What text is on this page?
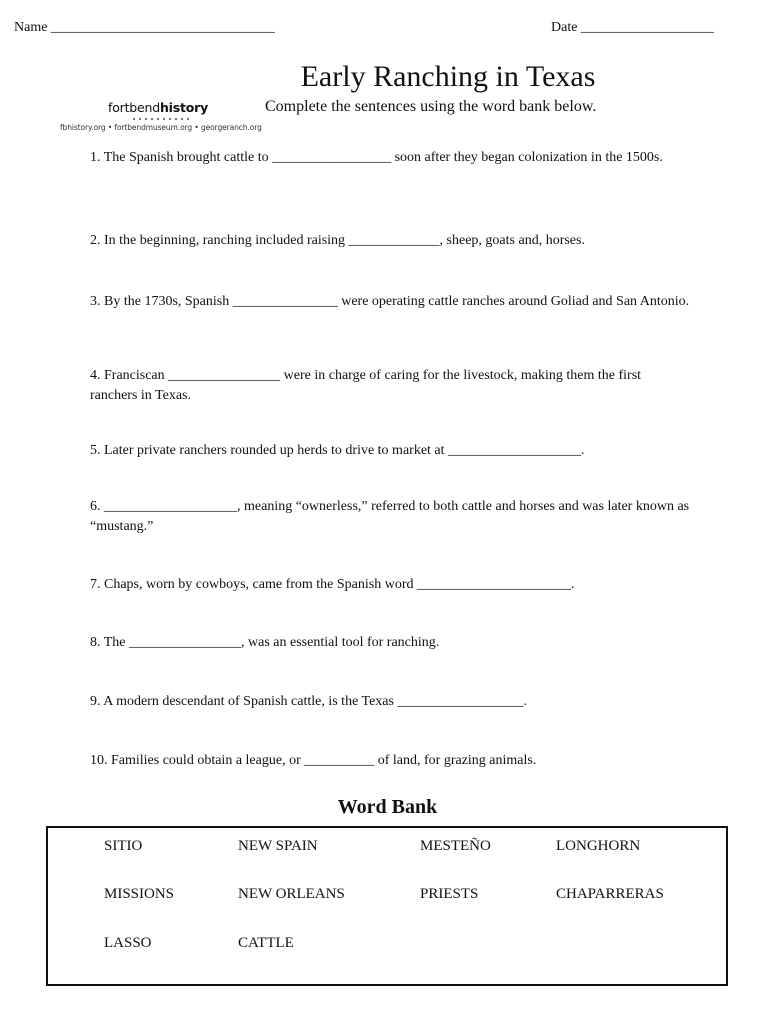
Name ________________________________	Date ___________________
Early Ranching in Texas
Complete the sentences using the word bank below.
fortbendhistory
fbhistory.org • fortbendmuseum.org • georgeranch.org
1. The Spanish brought cattle to _________________ soon after they began colonization in the 1500s.
2. In the beginning, ranching included raising _____________, sheep, goats and, horses.
3. By the 1730s, Spanish _______________ were operating cattle ranches around Goliad and San Antonio.
4. Franciscan ________________ were in charge of caring for the livestock, making them the first ranchers in Texas.
5. Later private ranchers rounded up herds to drive to market at ___________________.
6. ___________________, meaning “ownerless,” referred to both cattle and horses and was later known as “mustang.”
7. Chaps, worn by cowboys, came from the Spanish word ______________________.
8. The ________________, was an essential tool for ranching.
9. A modern descendant of Spanish cattle, is the Texas __________________.
10. Families could obtain a league, or __________ of land, for grazing animals.
Word Bank
SITIO	NEW SPAIN	MESTEÑO	LONGHORN
MISSIONS	NEW ORLEANS	PRIESTS	CHAPARRERAS
LASSO	CATTLE
